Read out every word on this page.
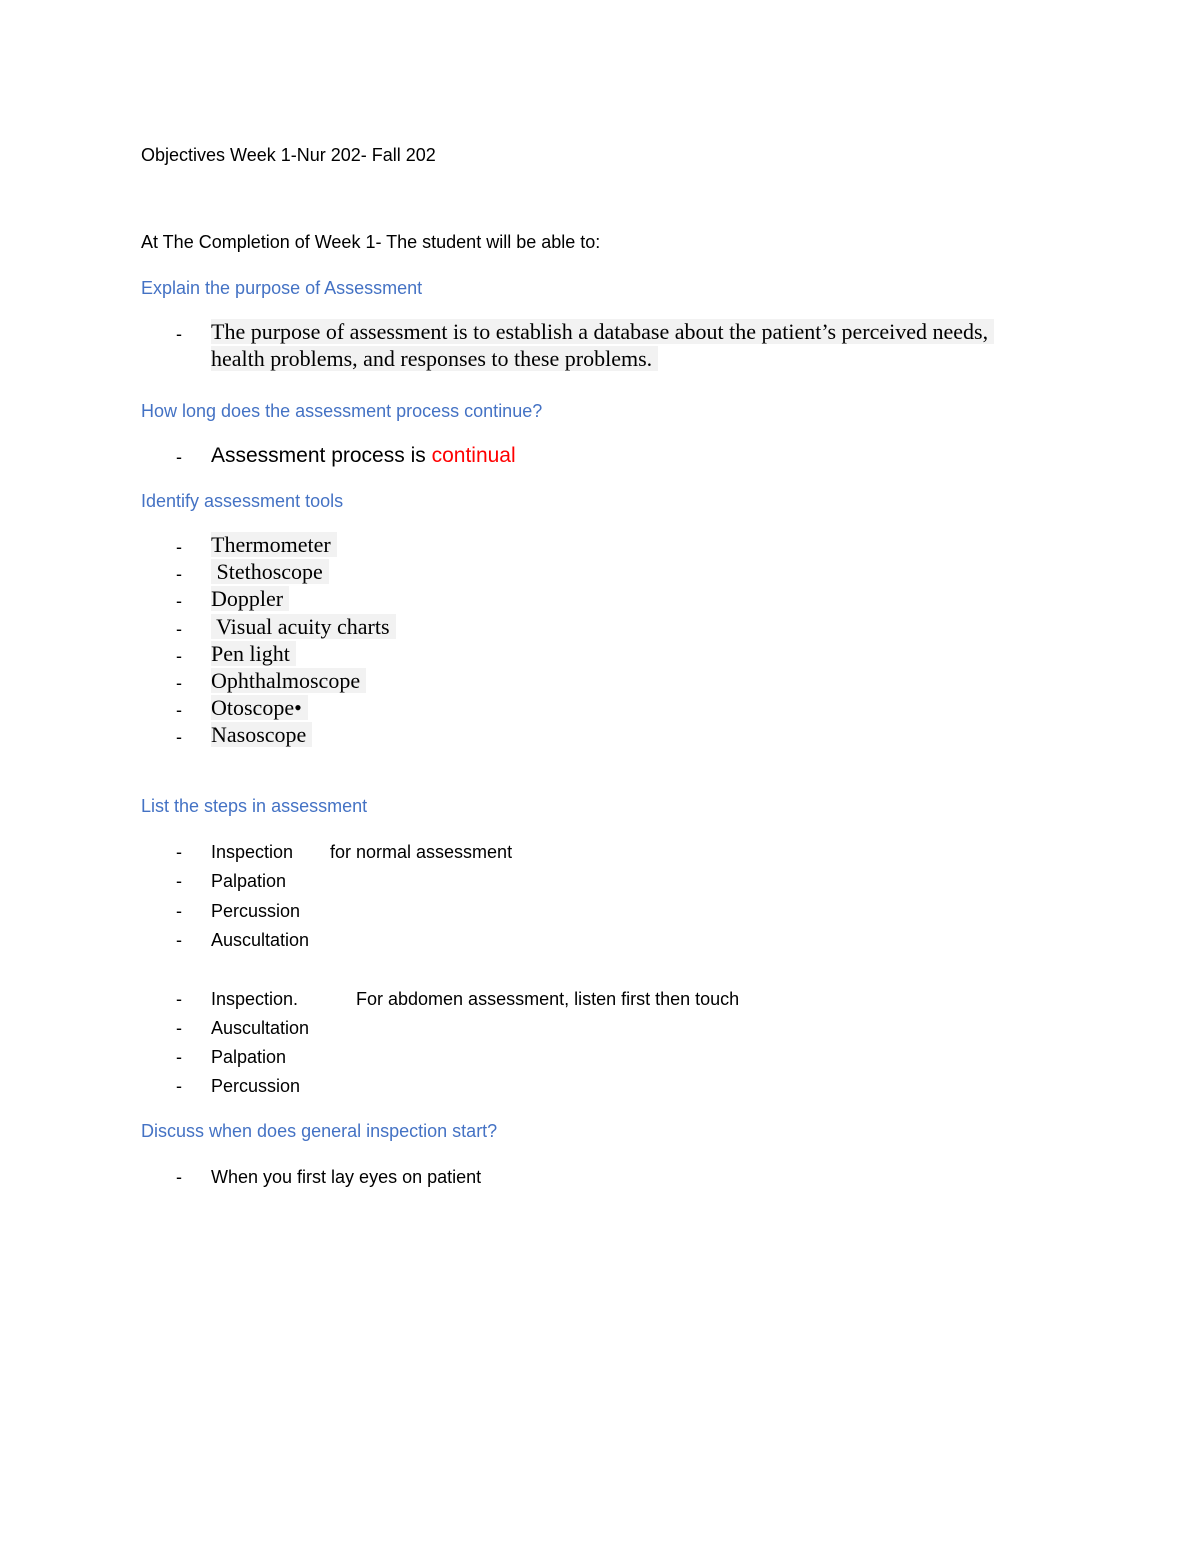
Objectives Week 1-Nur 202- Fall 202
At The Completion of Week 1- The student will be able to:
Explain the purpose of Assessment
- The purpose of assessment is to establish a database about the patient’s perceived needs,
health problems, and responses to these problems.
How long does the assessment process continue?
- Assessment process is continual
Identify assessment tools
- Thermometer
- Stethoscope
- Doppler
- Visual acuity charts
- Pen light
- Ophthalmoscope
- Otoscope•
- Nasoscope
List the steps in assessment
- Inspection for normal assessment
- Palpation
- Percussion
- Auscultation
- Inspection.	For abdomen assessment, listen first then touch
- Auscultation
- Palpation
- Percussion
Discuss when does general inspection start?
- When you first lay eyes on patient
